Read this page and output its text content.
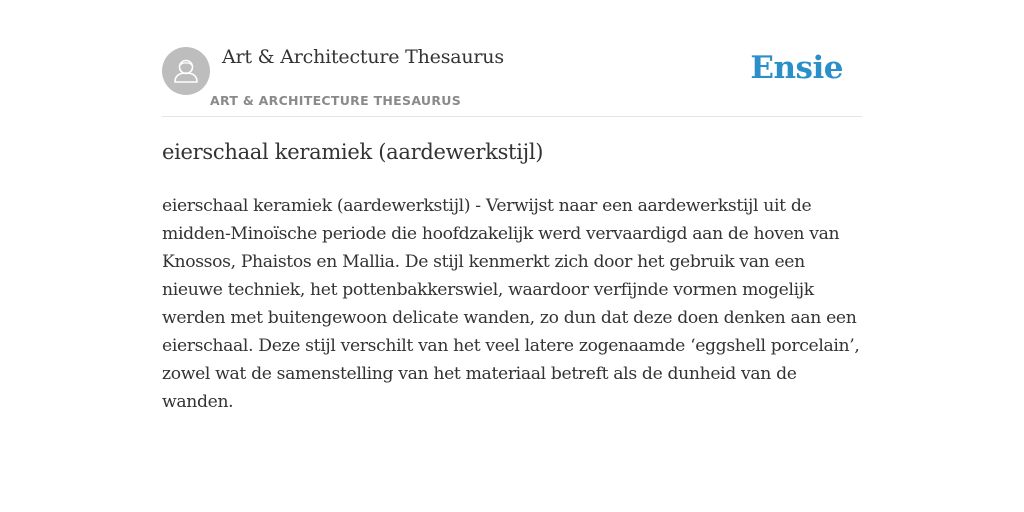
Art & Architecture Thesaurus
ART & ARCHITECTURE THESAURUS
Ensie
eierschaal keramiek (aardewerkstijl)

eierschaal keramiek (aardewerkstijl) - Verwijst naar een aardewerkstijl uit de midden-Minoïsche periode die hoofdzakelijk werd vervaardigd aan de hoven van Knossos, Phaistos en Mallia. De stijl kenmerkt zich door het gebruik van een nieuwe techniek, het pottenbakkerswiel, waardoor verfijnde vormen mogelijk werden met buitengewoon delicate wanden, zo dun dat deze doen denken aan een eierschaal. Deze stijl verschilt van het veel latere zogenaamde ‘eggshell porcelain’, zowel wat de samenstelling van het materiaal betreft als de dunheid van de wanden.
